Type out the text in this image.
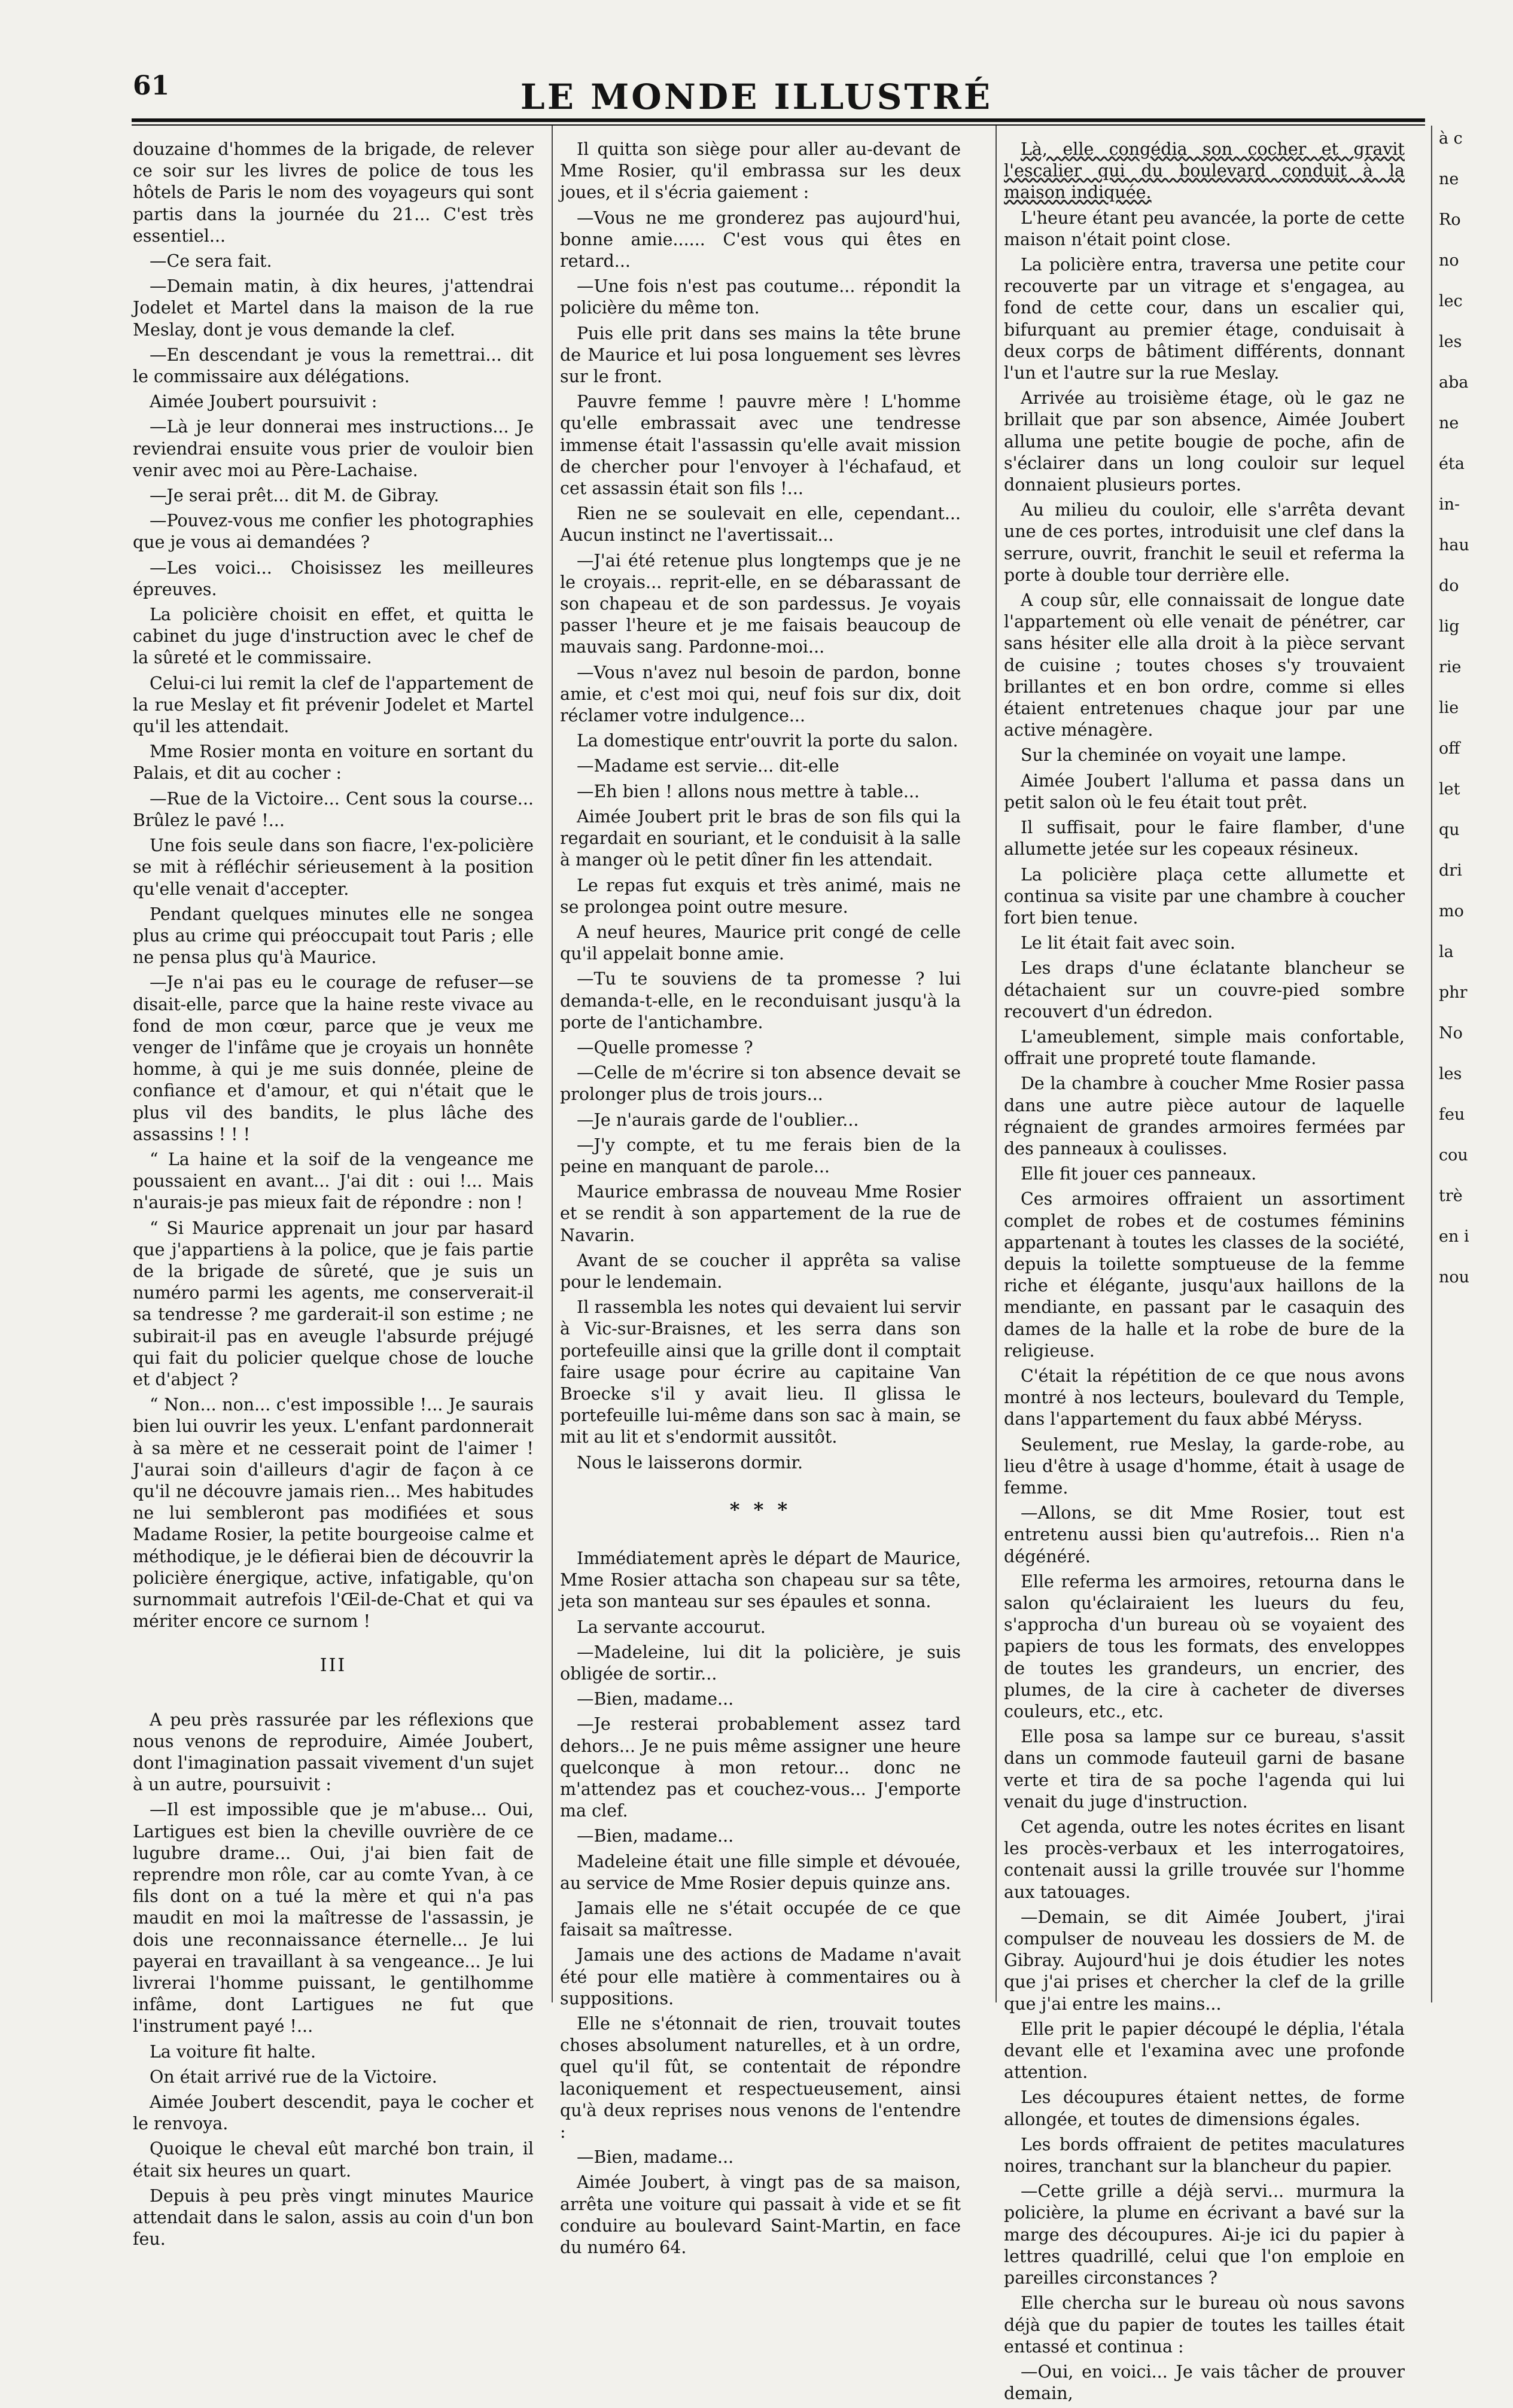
61	LE MONDE ILLUSTRÉ

douzaine d'hommes de la brigade, de relever ce soir sur les livres de police de tous les hôtels de Paris le nom des voyageurs qui sont partis dans la journée du 21... C'est très essentiel...

—Ce sera fait.

—Demain matin, à dix heures, j'attendrai Jodelet et Martel dans la maison de la rue Meslay, dont je vous demande la clef.

—En descendant je vous la remettrai... dit le commissaire aux délégations.

Aimée Joubert poursuivit :

—Là je leur donnerai mes instructions... Je reviendrai ensuite vous prier de vouloir bien venir avec moi au Père-Lachaise.

—Je serai prêt... dit M. de Gibray.

—Pouvez-vous me confier les photographies que je vous ai demandées ?

—Les voici... Choisissez les meilleures épreuves.

La policière choisit en effet, et quitta le cabinet du juge d'instruction avec le chef de la sûreté et le commissaire.

Celui-ci lui remit la clef de l'appartement de la rue Meslay et fit prévenir Jodelet et Martel qu'il les attendait.

Mme Rosier monta en voiture en sortant du Palais, et dit au cocher :

—Rue de la Victoire... Cent sous la course... Brûlez le pavé !...

Une fois seule dans son fiacre, l'ex-policière se mit à réfléchir sérieusement à la position qu'elle venait d'accepter.

Pendant quelques minutes elle ne songea plus au crime qui préoccupait tout Paris ; elle ne pensa plus qu'à Maurice.

—Je n'ai pas eu le courage de refuser—se disait-elle, parce que la haine reste vivace au fond de mon cœur, parce que je veux me venger de l'infâme que je croyais un honnête homme, à qui je me suis donnée, pleine de confiance et d'amour, et qui n'était que le plus vil des bandits, le plus lâche des assassins ! ! !

“ La haine et la soif de la vengeance me poussaient en avant... J'ai dit : oui !... Mais n'aurais-je pas mieux fait de répondre : non !

“ Si Maurice apprenait un jour par hasard que j'appartiens à la police, que je fais partie de la brigade de sûreté, que je suis un numéro parmi les agents, me conserverait-il sa tendresse ? me garderait-il son estime ; ne subirait-il pas en aveugle l'absurde préjugé qui fait du policier quelque chose de louche et d'abject ?

“ Non... non... c'est impossible !... Je saurais bien lui ouvrir les yeux. L'enfant pardonnerait à sa mère et ne cesserait point de l'aimer ! J'aurai soin d'ailleurs d'agir de façon à ce qu'il ne découvre jamais rien... Mes habitudes ne lui sembleront pas modifiées et sous Madame Rosier, la petite bourgeoise calme et méthodique, je le défierai bien de découvrir la policière énergique, active, infatigable, qu'on surnommait autrefois l'Œil-de-Chat et qui va mériter encore ce surnom !

III

A peu près rassurée par les réflexions que nous venons de reproduire, Aimée Joubert, dont l'imagination passait vivement d'un sujet à un autre, poursuivit :

—Il est impossible que je m'abuse... Oui, Lartigues est bien la cheville ouvrière de ce lugubre drame... Oui, j'ai bien fait de reprendre mon rôle, car au comte Yvan, à ce fils dont on a tué la mère et qui n'a pas maudit en moi la maîtresse de l'assassin, je dois une reconnaissance éternelle... Je lui payerai en travaillant à sa vengeance... Je lui livrerai l'homme puissant, le gentilhomme infâme, dont Lartigues ne fut que l'instrument payé !...

La voiture fit halte.

On était arrivé rue de la Victoire.

Aimée Joubert descendit, paya le cocher et le renvoya.

Quoique le cheval eût marché bon train, il était six heures un quart.

Depuis à peu près vingt minutes Maurice attendait dans le salon, assis au coin d'un bon feu.

Il quitta son siège pour aller au-devant de Mme Rosier, qu'il embrassa sur les deux joues, et il s'écria gaiement :

—Vous ne me gronderez pas aujourd'hui, bonne amie...... C'est vous qui êtes en retard...

—Une fois n'est pas coutume... répondit la policière du même ton.

Puis elle prit dans ses mains la tête brune de Maurice et lui posa longuement ses lèvres sur le front.

Pauvre femme ! pauvre mère ! L'homme qu'elle embrassait avec une tendresse immense était l'assassin qu'elle avait mission de chercher pour l'envoyer à l'échafaud, et cet assassin était son fils !...

Rien ne se soulevait en elle, cependant... Aucun instinct ne l'avertissait...

—J'ai été retenue plus longtemps que je ne le croyais... reprit-elle, en se débarassant de son chapeau et de son pardessus. Je voyais passer l'heure et je me faisais beaucoup de mauvais sang. Pardonne-moi...

—Vous n'avez nul besoin de pardon, bonne amie, et c'est moi qui, neuf fois sur dix, doit réclamer votre indulgence...

La domestique entr'ouvrit la porte du salon.

—Madame est servie... dit-elle

—Eh bien ! allons nous mettre à table...

Aimée Joubert prit le bras de son fils qui la regardait en souriant, et le conduisit à la salle à manger où le petit dîner fin les attendait.

Le repas fut exquis et très animé, mais ne se prolongea point outre mesure.

A neuf heures, Maurice prit congé de celle qu'il appelait bonne amie.

—Tu te souviens de ta promesse ? lui demanda-t-elle, en le reconduisant jusqu'à la porte de l'antichambre.

—Quelle promesse ?

—Celle de m'écrire si ton absence devait se prolonger plus de trois jours...

—Je n'aurais garde de l'oublier...

—J'y compte, et tu me ferais bien de la peine en manquant de parole...

Maurice embrassa de nouveau Mme Rosier et se rendit à son appartement de la rue de Navarin.

Avant de se coucher il apprêta sa valise pour le lendemain.

Il rassembla les notes qui devaient lui servir à Vic-sur-Braisnes, et les serra dans son portefeuille ainsi que la grille dont il comptait faire usage pour écrire au capitaine Van Broecke s'il y avait lieu. Il glissa le portefeuille lui-même dans son sac à main, se mit au lit et s'endormit aussitôt.

Nous le laisserons dormir.

* * *

Immédiatement après le départ de Maurice, Mme Rosier attacha son chapeau sur sa tête, jeta son manteau sur ses épaules et sonna.

La servante accourut.

—Madeleine, lui dit la policière, je suis obligée de sortir...

—Bien, madame...

—Je resterai probablement assez tard dehors... Je ne puis même assigner une heure quelconque à mon retour... donc ne m'attendez pas et couchez-vous... J'emporte ma clef.

—Bien, madame...

Madeleine était une fille simple et dévouée, au service de Mme Rosier depuis quinze ans.

Jamais elle ne s'était occupée de ce que faisait sa maîtresse.

Jamais une des actions de Madame n'avait été pour elle matière à commentaires ou à suppositions.

Elle ne s'étonnait de rien, trouvait toutes choses absolument naturelles, et à un ordre, quel qu'il fût, se contentait de répondre laconiquement et respectueusement, ainsi qu'à deux reprises nous venons de l'entendre :

—Bien, madame...

Aimée Joubert, à vingt pas de sa maison, arrêta une voiture qui passait à vide et se fit conduire au boulevard Saint-Martin, en face du numéro 64.

Là, elle congédia son cocher et gravit l'escalier qui du boulevard conduit à la maison indiquée.

L'heure étant peu avancée, la porte de cette maison n'était point close.

La policière entra, traversa une petite cour recouverte par un vitrage et s'engagea, au fond de cette cour, dans un escalier qui, bifurquant au premier étage, conduisait à deux corps de bâtiment différents, donnant l'un et l'autre sur la rue Meslay.

Arrivée au troisième étage, où le gaz ne brillait que par son absence, Aimée Joubert alluma une petite bougie de poche, afin de s'éclairer dans un long couloir sur lequel donnaient plusieurs portes.

Au milieu du couloir, elle s'arrêta devant une de ces portes, introduisit une clef dans la serrure, ouvrit, franchit le seuil et referma la porte à double tour derrière elle.

A coup sûr, elle connaissait de longue date l'appartement où elle venait de pénétrer, car sans hésiter elle alla droit à la pièce servant de cuisine ; toutes choses s'y trouvaient brillantes et en bon ordre, comme si elles étaient entretenues chaque jour par une active ménagère.

Sur la cheminée on voyait une lampe.

Aimée Joubert l'alluma et passa dans un petit salon où le feu était tout prêt.

Il suffisait, pour le faire flamber, d'une allumette jetée sur les copeaux résineux.

La policière plaça cette allumette et continua sa visite par une chambre à coucher fort bien tenue.

Le lit était fait avec soin.

Les draps d'une éclatante blancheur se détachaient sur un couvre-pied sombre recouvert d'un édredon.

L'ameublement, simple mais confortable, offrait une propreté toute flamande.

De la chambre à coucher Mme Rosier passa dans une autre pièce autour de laquelle régnaient de grandes armoires fermées par des panneaux à coulisses.

Elle fit jouer ces panneaux.

Ces armoires offraient un assortiment complet de robes et de costumes féminins appartenant à toutes les classes de la société, depuis la toilette somptueuse de la femme riche et élégante, jusqu'aux haillons de la mendiante, en passant par le casaquin des dames de la halle et la robe de bure de la religieuse.

C'était la répétition de ce que nous avons montré à nos lecteurs, boulevard du Temple, dans l'appartement du faux abbé Méryss.

Seulement, rue Meslay, la garde-robe, au lieu d'être à usage d'homme, était à usage de femme.

—Allons, se dit Mme Rosier, tout est entretenu aussi bien qu'autrefois... Rien n'a dégénéré.

Elle referma les armoires, retourna dans le salon qu'éclairaient les lueurs du feu, s'approcha d'un bureau où se voyaient des papiers de tous les formats, des enveloppes de toutes les grandeurs, un encrier, des plumes, de la cire à cacheter de diverses couleurs, etc., etc.

Elle posa sa lampe sur ce bureau, s'assit dans un commode fauteuil garni de basane verte et tira de sa poche l'agenda qui lui venait du juge d'instruction.

Cet agenda, outre les notes écrites en lisant les procès-verbaux et les interrogatoires, contenait aussi la grille trouvée sur l'homme aux tatouages.

—Demain, se dit Aimée Joubert, j'irai compulser de nouveau les dossiers de M. de Gibray. Aujourd'hui je dois étudier les notes que j'ai prises et chercher la clef de la grille que j'ai entre les mains...

Elle prit le papier découpé le déplia, l'étala devant elle et l'examina avec une profonde attention.

Les découpures étaient nettes, de forme allongée, et toutes de dimensions égales.

Les bords offraient de petites maculatures noires, tranchant sur la blancheur du papier.

—Cette grille a déjà servi... murmura la policière, la plume en écrivant a bavé sur la marge des découpures. Ai-je ici du papier à lettres quadrillé, celui que l'on emploie en pareilles circonstances ?

Elle chercha sur le bureau où nous savons déjà que du papier de toutes les tailles était entassé et continua :

—Oui, en voici... Je vais tâcher de prouver demain,

à c

ne

Ro

no

lec

les

aba

ne

éta

in-

hau

do

lig

rie

lie

off

let

qu

dri

mo

la

phr

No

les

feu

cou

trè

en i

nou
